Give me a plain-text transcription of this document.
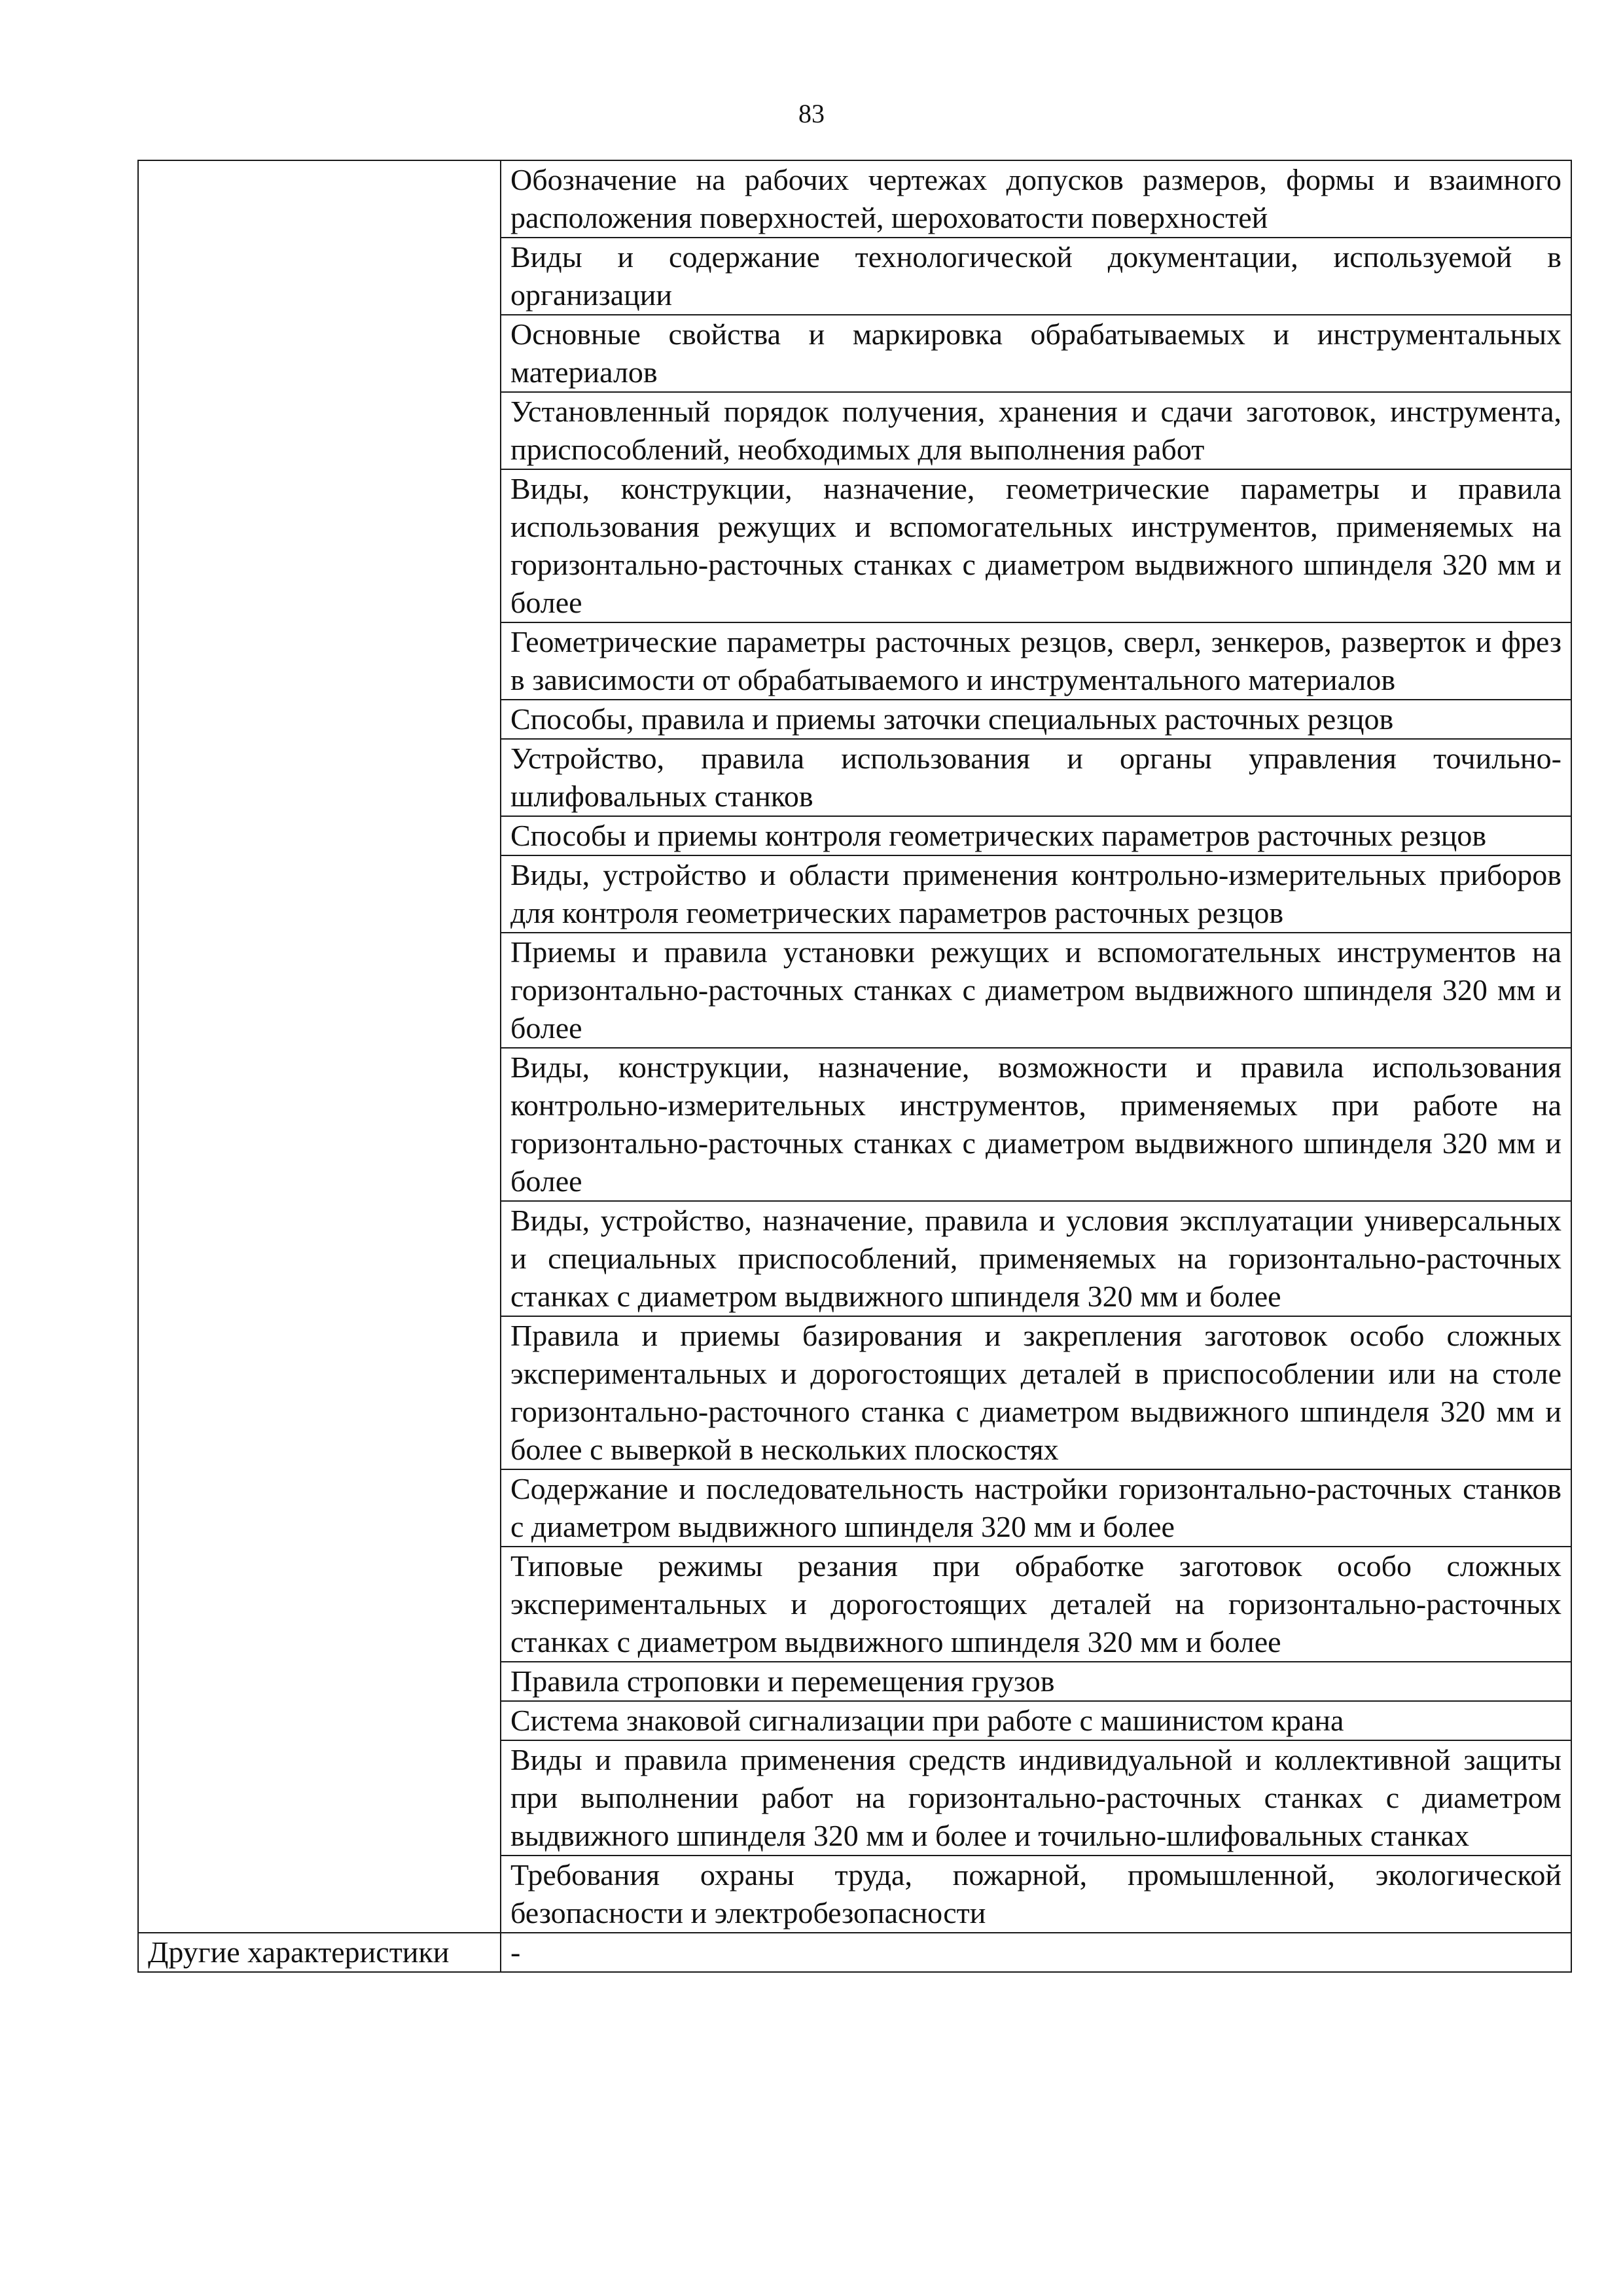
83
	Обозначение на рабочих чертежах допусков размеров, формы и взаимного расположения поверхностей, шероховатости поверхностей
	Виды и содержание технологической документации, используемой в организации
	Основные свойства и маркировка обрабатываемых и инструментальных материалов
	Установленный порядок получения, хранения и сдачи заготовок, инструмента, приспособлений, необходимых для выполнения работ
	Виды, конструкции, назначение, геометрические параметры и правила использования режущих и вспомогательных инструментов, применяемых на горизонтально-расточных станках с диаметром выдвижного шпинделя 320 мм и более
	Геометрические параметры расточных резцов, сверл, зенкеров, разверток и фрез в зависимости от обрабатываемого и инструментального материалов
	Способы, правила и приемы заточки специальных расточных резцов
	Устройство, правила использования и органы управления точильно-шлифовальных станков
	Способы и приемы контроля геометрических параметров расточных резцов
	Виды, устройство и области применения контрольно-измерительных приборов для контроля геометрических параметров расточных резцов
	Приемы и правила установки режущих и вспомогательных инструментов на горизонтально-расточных станках с диаметром выдвижного шпинделя 320 мм и более
	Виды, конструкции, назначение, возможности и правила использования контрольно-измерительных инструментов, применяемых при работе на горизонтально-расточных станках с диаметром выдвижного шпинделя 320 мм и более
	Виды, устройство, назначение, правила и условия эксплуатации универсальных и специальных приспособлений, применяемых на горизонтально-расточных станках с диаметром выдвижного шпинделя 320 мм и более
	Правила и приемы базирования и закрепления заготовок особо сложных экспериментальных и дорогостоящих деталей в приспособлении или на столе горизонтально-расточного станка с диаметром выдвижного шпинделя 320 мм и более с выверкой в нескольких плоскостях
	Содержание и последовательность настройки горизонтально-расточных станков с диаметром выдвижного шпинделя 320 мм и более
	Типовые режимы резания при обработке заготовок особо сложных экспериментальных и дорогостоящих деталей на горизонтально-расточных станках с диаметром выдвижного шпинделя 320 мм и более
	Правила строповки и перемещения грузов
	Система знаковой сигнализации при работе с машинистом крана
	Виды и правила применения средств индивидуальной и коллективной защиты при выполнении работ на горизонтально-расточных станках с диаметром выдвижного шпинделя 320 мм и более и точильно-шлифовальных станках
	Требования охраны труда, пожарной, промышленной, экологической безопасности и электробезопасности
Другие характеристики	-
